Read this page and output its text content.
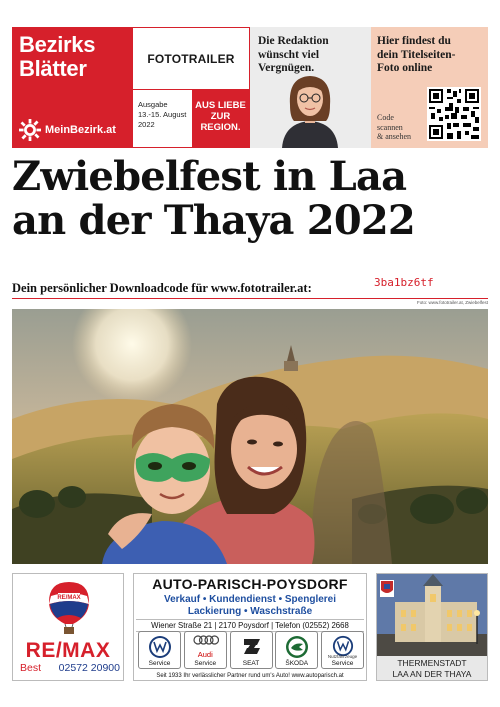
Bezirks
Blätter
MeinBezirk.at
FOTOTRAILER
Ausgabe
13.-15. August
2022
AUS LIEBE
ZUR
REGION.
Die Redaktion
wünscht viel
Vergnügen.
Hier findest du
dein Titelseiten-
Foto online
Code
scannen
& ansehen
Zwiebelfest in Laa
an der Thaya 2022
Dein persönlicher Downloadcode für www.fototrailer.at:	3ba1bz6tf
Foto: www.fototrailer.at, Zwiebelfest
RE/MAX
RE/MAX
Best 02572 20900
AUTO-PARISCH-POYSDORF
Verkauf • Kundendienst • Spenglerei
Lackierung • Waschstraße
Wiener Straße 21 | 2170 Poysdorf | Telefon (02552) 2668
Service
Audi
Service	SEAT	ŠKODA
Nutzfahrzeuge
Service
Seit 1933 Ihr verlässlicher Partner rund um's Auto! www.autoparisch.at
THERMENSTADT
LAA AN DER THAYA
